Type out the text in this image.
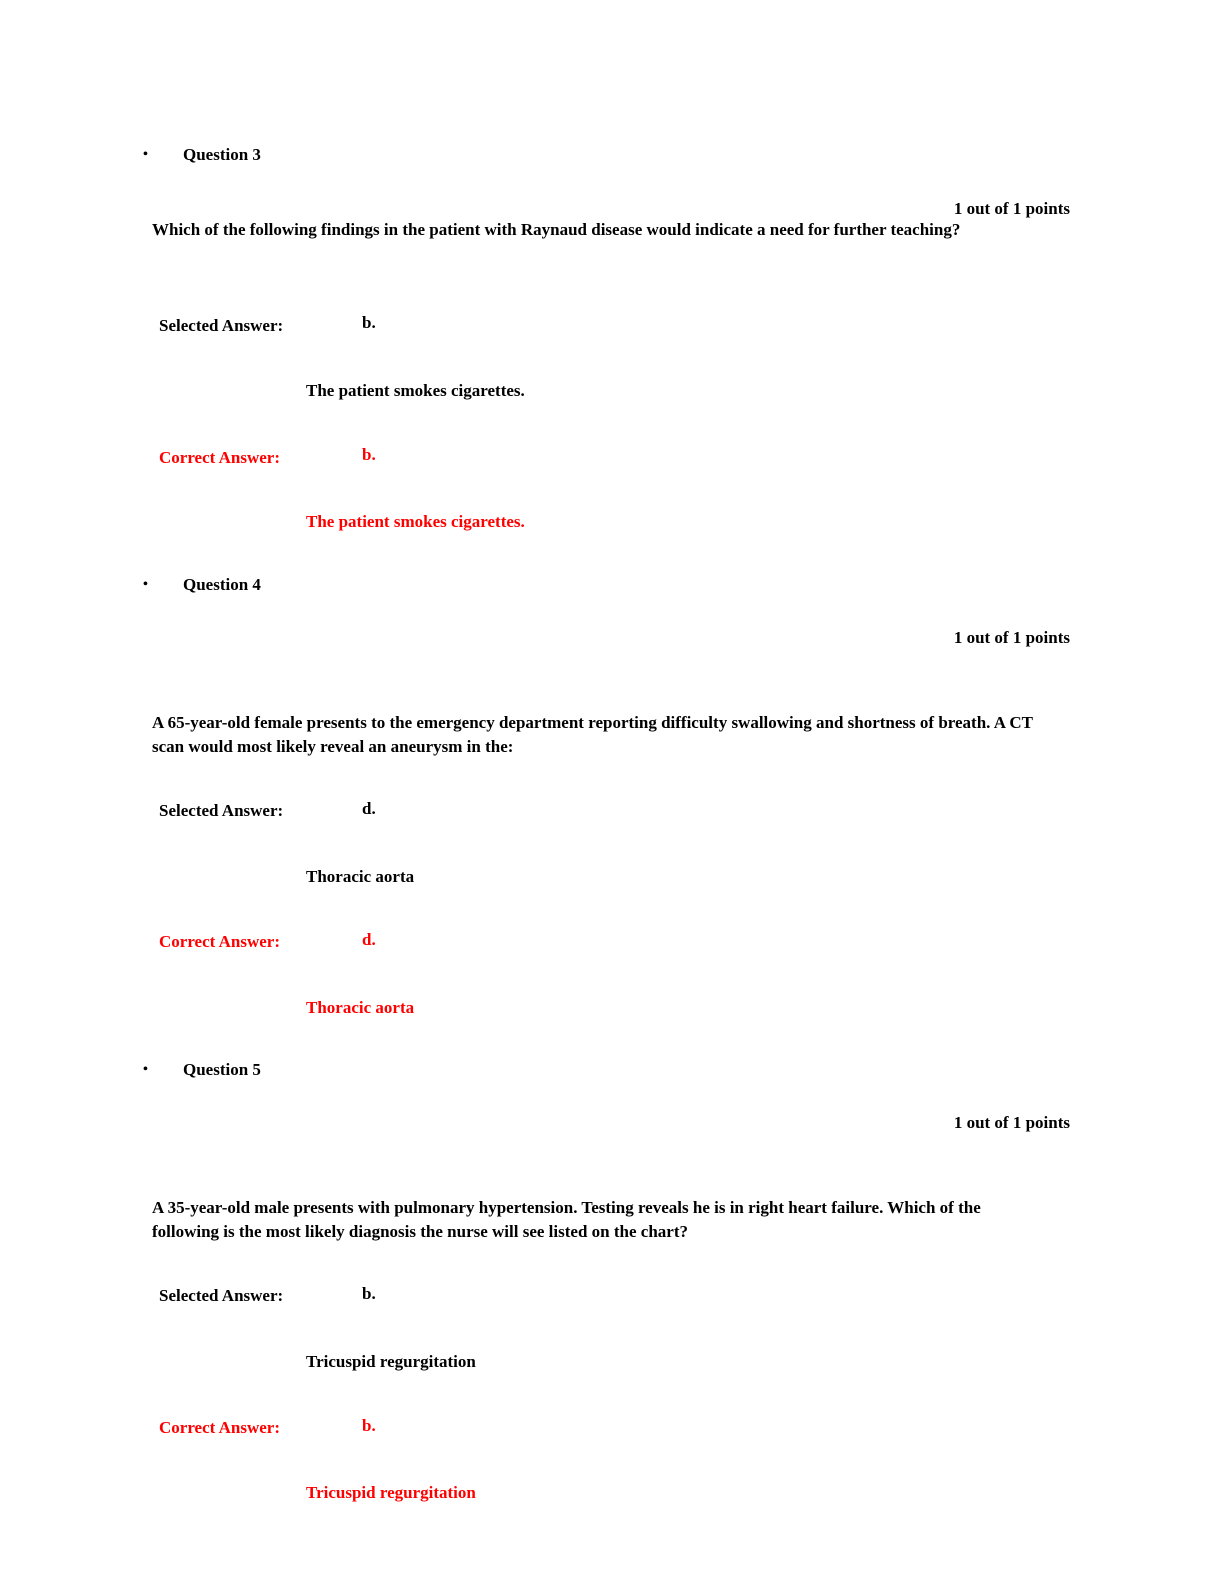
• Question 3
1 out of 1 points
Which of the following findings in the patient with Raynaud disease would indicate a need for further teaching?
Selected Answer:	b.
The patient smokes cigarettes.
Correct Answer:	b.
The patient smokes cigarettes.
• Question 4
1 out of 1 points
A 65-year-old female presents to the emergency department reporting difficulty swallowing and shortness of breath. A CT scan would most likely reveal an aneurysm in the:
Selected Answer:	d.
Thoracic aorta
Correct Answer:	d.
Thoracic aorta
• Question 5
1 out of 1 points
A 35-year-old male presents with pulmonary hypertension. Testing reveals he is in right heart failure. Which of the following is the most likely diagnosis the nurse will see listed on the chart?
Selected Answer:	b.
Tricuspid regurgitation
Correct Answer:	b.
Tricuspid regurgitation
